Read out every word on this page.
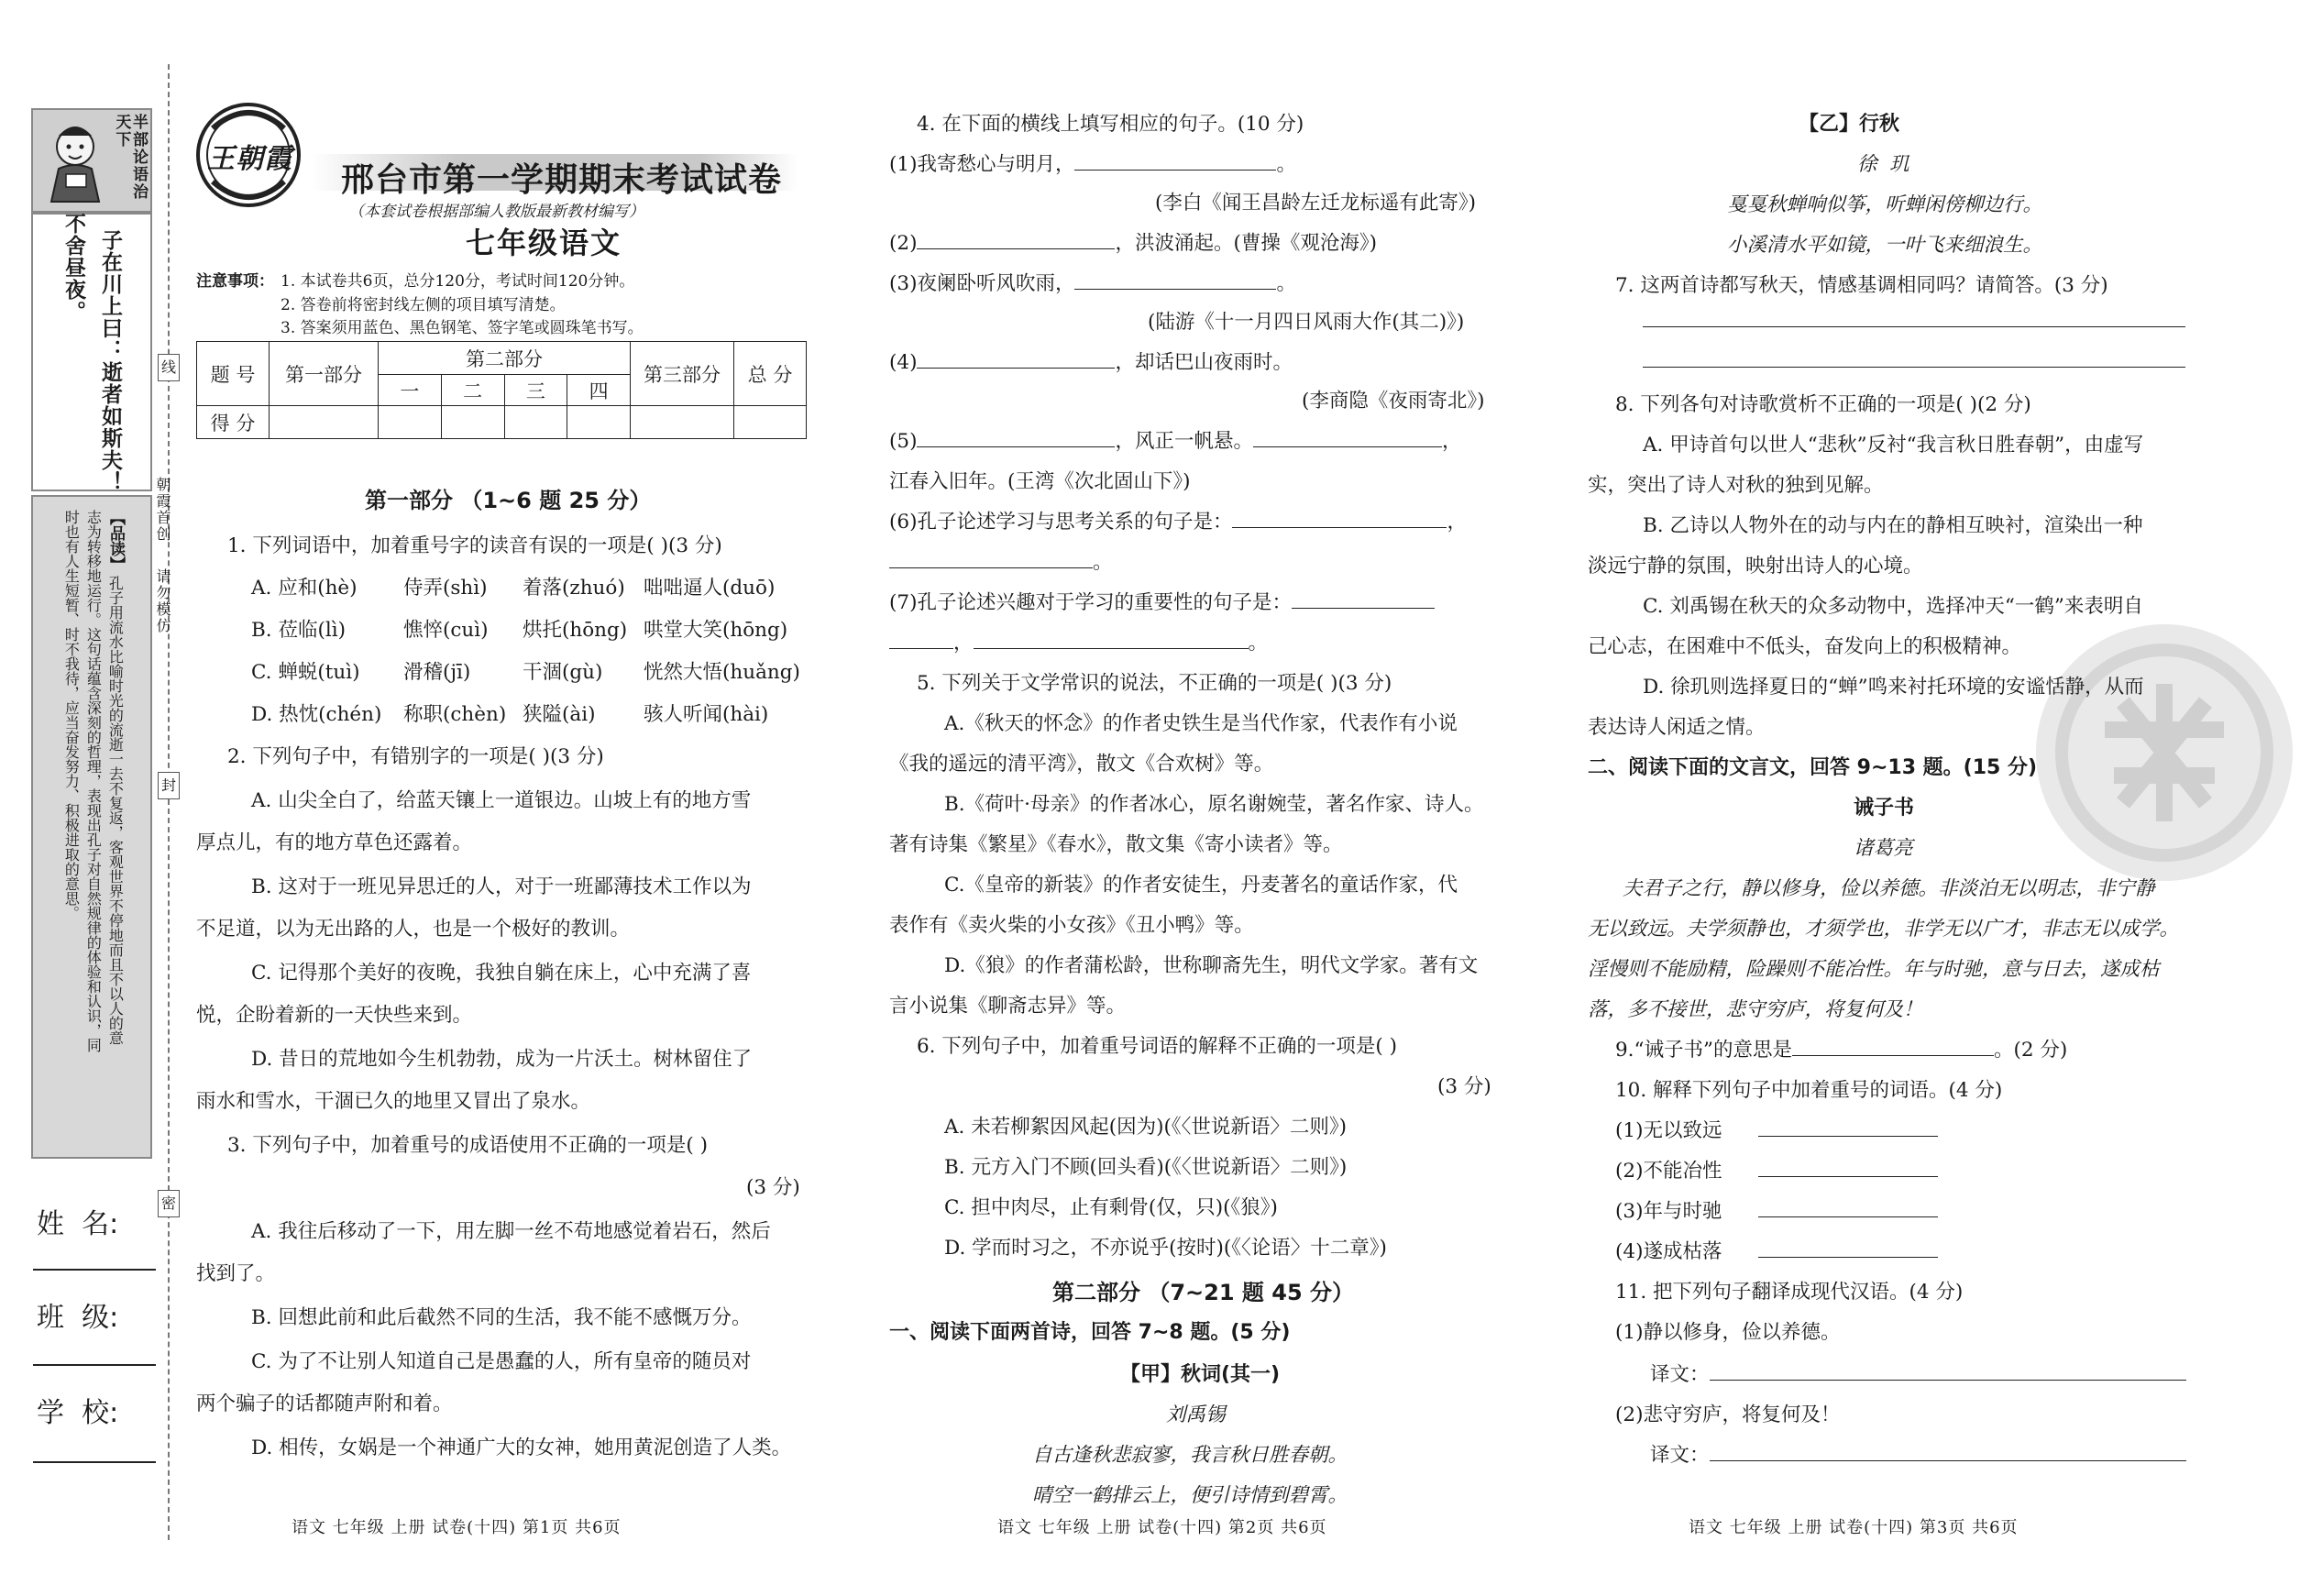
半部论语治天下
子在川上曰：逝者如斯夫！
不舍昼夜。
【品读】
孔子用流水比喻时光的流逝一去不复返，客观世界不停地而且不以人的意
志为转移地运行。这句话蕴含深刻的哲理，表现出孔子对自然规律的体验和认识，同
时也有人生短暂、时不我待，应当奋发努力、积极进取的意思。
姓  名:
班  级:
学  校:
线
封
密
朝霞首创
请勿模仿
王朝霞
邢台市第一学期期末考试试卷
（本套试卷根据部编人教版最新教材编写）
七年级语文
注意事项： 1. 本试卷共6页，总分120分，考试时间120分钟。
2. 答卷前将密封线左侧的项目填写清楚。
3. 答案须用蓝色、黑色钢笔、签字笔或圆珠笔书写。
题 号	第一部分	第二部分				第三部分	总 分
		一	二	三	四		
得 分							
第一部分 （1~6 题 25 分）
1. 下列词语中，加着重号字的读音有误的一项是( )(3 分)
A. 应和(hè) 侍弄(shì) 着落(zhuó) 咄咄逼人(duō)
B. 莅临(lì)	憔悴(cuì) 烘托(hōng) 哄堂大笑(hōng)
C. 蝉蜕(tuì) 滑稽(jī)	干涸(gù) 恍然大悟(huǎng)
D. 热忱(chén) 称职(chèn) 狭隘(ài) 骇人听闻(hài)
2. 下列句子中，有错别字的一项是( )(3 分)
A. 山尖全白了，给蓝天镶上一道银边。山坡上有的地方雪
厚点儿，有的地方草色还露着。
B. 这对于一班见异思迁的人，对于一班鄙薄技术工作以为
不足道，以为无出路的人，也是一个极好的教训。
C. 记得那个美好的夜晚，我独自躺在床上，心中充满了喜
悦，企盼着新的一天快些来到。
D. 昔日的荒地如今生机勃勃，成为一片沃土。树林留住了
雨水和雪水，干涸已久的地里又冒出了泉水。
3. 下列句子中，加着重号的成语使用不正确的一项是( )
(3 分)
A. 我往后移动了一下，用左脚一丝不苟地感觉着岩石，然后
找到了。
B. 回想此前和此后截然不同的生活，我不能不感慨万分。
C. 为了不让别人知道自己是愚蠢的人，所有皇帝的随员对
两个骗子的话都随声附和着。
D. 相传，女娲是一个神通广大的女神，她用黄泥创造了人类。
语文 七年级 上册 试卷(十四) 第1页 共6页
4. 在下面的横线上填写相应的句子。(10 分)
(1)我寄愁心与明月，	。
(李白《闻王昌龄左迁龙标遥有此寄》)
(2)	，洪波涌起。(曹操《观沧海》)
(3)夜阑卧听风吹雨，	。
(陆游《十一月四日风雨大作(其二)》)
(4)	，却话巴山夜雨时。
(李商隐《夜雨寄北》)
(5)	，风正一帆悬。	，
江春入旧年。(王湾《次北固山下》)
(6)孔子论述学习与思考关系的句子是：	，
。
(7)孔子论述兴趣对于学习的重要性的句子是：
，	。
5. 下列关于文学常识的说法，不正确的一项是( )(3 分)
A.《秋天的怀念》的作者史铁生是当代作家，代表作有小说
《我的遥远的清平湾》，散文《合欢树》等。
B.《荷叶·母亲》的作者冰心，原名谢婉莹，著名作家、诗人。
著有诗集《繁星》《春水》，散文集《寄小读者》等。
C.《皇帝的新装》的作者安徒生，丹麦著名的童话作家，代
表作有《卖火柴的小女孩》《丑小鸭》等。
D.《狼》的作者蒲松龄，世称聊斋先生，明代文学家。著有文
言小说集《聊斋志异》等。
6. 下列句子中，加着重号词语的解释不正确的一项是( )
(3 分)
A. 未若柳絮因风起(因为)(《〈世说新语〉二则》)
B. 元方入门不顾(回头看)(《〈世说新语〉二则》)
C. 担中肉尽，止有剩骨(仅，只)(《狼》)
D. 学而时习之，不亦说乎(按时)(《〈论语〉十二章》)
第二部分 （7~21 题 45 分）
一、阅读下面两首诗，回答 7~8 题。(5 分)
【甲】秋词(其一)
刘禹锡
自古逢秋悲寂寥，我言秋日胜春朝。
晴空一鹤排云上，便引诗情到碧霄。
语文 七年级 上册 试卷(十四) 第2页 共6页
【乙】行秋
徐  玑
戛戛秋蝉响似筝，听蝉闲傍柳边行。
小溪清水平如镜，一叶飞来细浪生。
7. 这两首诗都写秋天，情感基调相同吗？请简答。(3 分)
8. 下列各句对诗歌赏析不正确的一项是( )(2 分)
A. 甲诗首句以世人“悲秋”反衬“我言秋日胜春朝”，由虚写
实，突出了诗人对秋的独到见解。
B. 乙诗以人物外在的动与内在的静相互映衬，渲染出一种
淡远宁静的氛围，映射出诗人的心境。
C. 刘禹锡在秋天的众多动物中，选择冲天“一鹤”来表明自
己心志，在困难中不低头，奋发向上的积极精神。
D. 徐玑则选择夏日的“蝉”鸣来衬托环境的安谧恬静，从而
表达诗人闲适之情。
二、阅读下面的文言文，回答 9~13 题。(15 分)
诫子书
诸葛亮
夫君子之行，静以修身，俭以养德。非淡泊无以明志，非宁静
无以致远。夫学须静也，才须学也，非学无以广才，非志无以成学。
淫慢则不能励精，险躁则不能冶性。年与时驰，意与日去，遂成枯
落，多不接世，悲守穷庐，将复何及！
9.“诫子书”的意思是	。(2 分)
10. 解释下列句子中加着重号的词语。(4 分)
(1)无以致远
(2)不能冶性
(3)年与时驰
(4)遂成枯落
11. 把下列句子翻译成现代汉语。(4 分)
(1)静以修身，俭以养德。
译文：
(2)悲守穷庐，将复何及！
译文：
语文 七年级 上册 试卷(十四) 第3页 共6页
